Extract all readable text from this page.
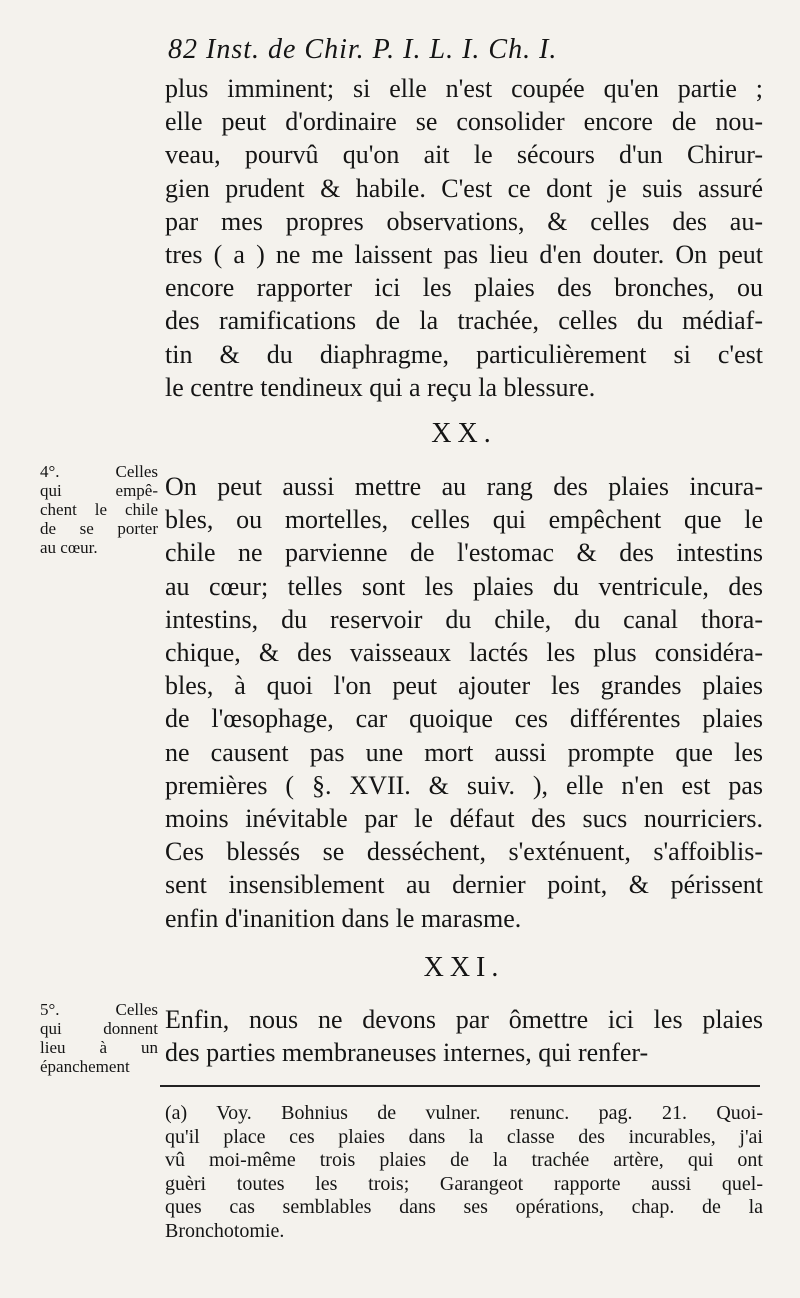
82 Inst. de Chir. P. I. L. I. Ch. I.
plus imminent; si elle n'est coupée qu'en partie ;
elle peut d'ordinaire se consolider encore de nou-
veau, pourvû qu'on ait le sécours d'un Chirur-
gien prudent & habile. C'est ce dont je suis assuré
par mes propres observations, & celles des au-
tres ( a ) ne me laissent pas lieu d'en douter. On peut
encore rapporter ici les plaies des bronches, ou
des ramifications de la trachée, celles du médiaf-
tin & du diaphragme, particulièrement si c'est
le centre tendineux qui a reçu la blessure.
XX.
4°. Celles
qui empê-
chent le chile
de se porter
au cœur.
On peut aussi mettre au rang des plaies incura-
bles, ou mortelles, celles qui empêchent que le
chile ne parvienne de l'estomac & des intestins
au cœur; telles sont les plaies du ventricule, des
intestins, du reservoir du chile, du canal thora-
chique, & des vaisseaux lactés les plus considéra-
bles, à quoi l'on peut ajouter les grandes plaies
de l'œsophage, car quoique ces différentes plaies
ne causent pas une mort aussi prompte que les
premières ( §. XVII. & suiv. ), elle n'en est pas
moins inévitable par le défaut des sucs nourriciers.
Ces blessés se desséchent, s'exténuent, s'affoiblis-
sent insensiblement au dernier point, & périssent
enfin d'inanition dans le marasme.
XXI.
5°. Celles
qui donnent
lieu à un
épanchement
Enfin, nous ne devons par ômettre ici les plaies
des parties membraneuses internes, qui renfer-
(a) Voy. Bohnius de vulner. renunc. pag. 21. Quoi-
qu'il place ces plaies dans la classe des incurables, j'ai
vû moi-même trois plaies de la trachée artère, qui ont
guèri toutes les trois; Garangeot rapporte aussi quel-
ques cas semblables dans ses opérations, chap. de la
Bronchotomie.
